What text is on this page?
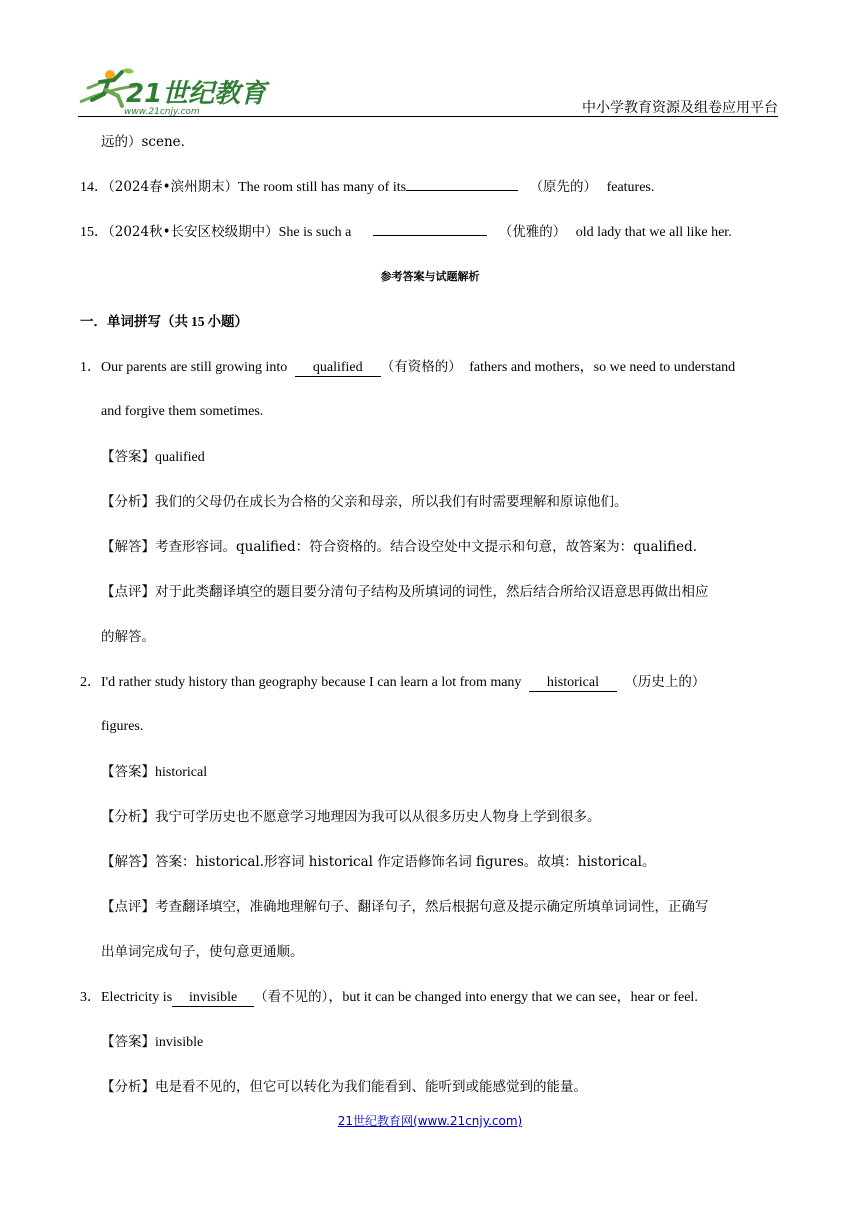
21世纪教育
www.21cnjy.com	中小学教育资源及组卷应用平台
远的）scene．
14．（2024春•滨州期末）The room still has many of its	（原先的） features.
15．（2024秋•长安区校级期中）She is such a	（优雅的） old lady that we all like her.
参考答案与试题解析
一．单词拼写（共 15 小题）
1．Our parents are still growing into qualified （有资格的） fathers and mothers，so we need to understand
and forgive them sometimes.
【答案】qualified
【分析】我们的父母仍在成长为合格的父亲和母亲，所以我们有时需要理解和原谅他们。
【解答】考查形容词。qualified：符合资格的。结合设空处中文提示和句意，故答案为：qualified.
【点评】对于此类翻译填空的题目要分清句子结构及所填词的词性，然后结合所给汉语意思再做出相应
的解答。
2．I'd rather study history than geography because I can learn a lot from many historical （历史上的）
figures.
【答案】historical
【分析】我宁可学历史也不愿意学习地理因为我可以从很多历史人物身上学到很多。
【解答】答案：historical.形容词 historical 作定语修饰名词 figures。故填：historical。
【点评】考查翻译填空，准确地理解句子、翻译句子，然后根据句意及提示确定所填单词词性，正确写
出单词完成句子，使句意更通顺。
3．Electricity is invisible （看不见的），but it can be changed into energy that we can see，hear or feel.
【答案】invisible
【分析】电是看不见的，但它可以转化为我们能看到、能听到或能感觉到的能量。
21世纪教育网(www.21cnjy.com)
